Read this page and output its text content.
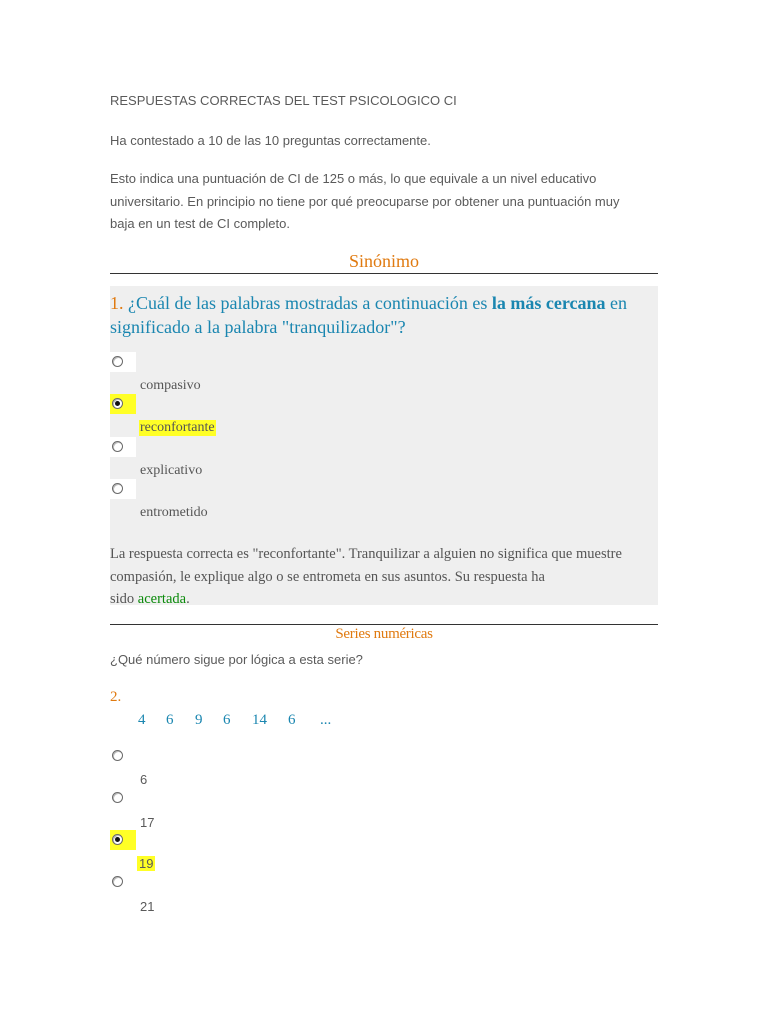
RESPUESTAS CORRECTAS DEL TEST PSICOLOGICO CI
Ha contestado a 10 de las 10 preguntas correctamente.
Esto indica una puntuación de CI de 125 o más, lo que equivale a un nivel educativo
universitario. En principio no tiene por qué preocuparse por obtener una puntuación muy
baja en un test de CI completo.
Sinónimo
1. ¿Cuál de las palabras mostradas a continuación es la más cercana en
significado a la palabra "tranquilizador"?
compasivo
reconfortante
explicativo
entrometido
La respuesta correcta es "reconfortante". Tranquilizar a alguien no significa que muestre
compasión, le explique algo o se entrometa en sus asuntos. Su respuesta ha
sido acertada.
Series numéricas
¿Qué número sigue por lógica a esta serie?
2.
4 6 9 6 14 6 ...
6
17
19
21
